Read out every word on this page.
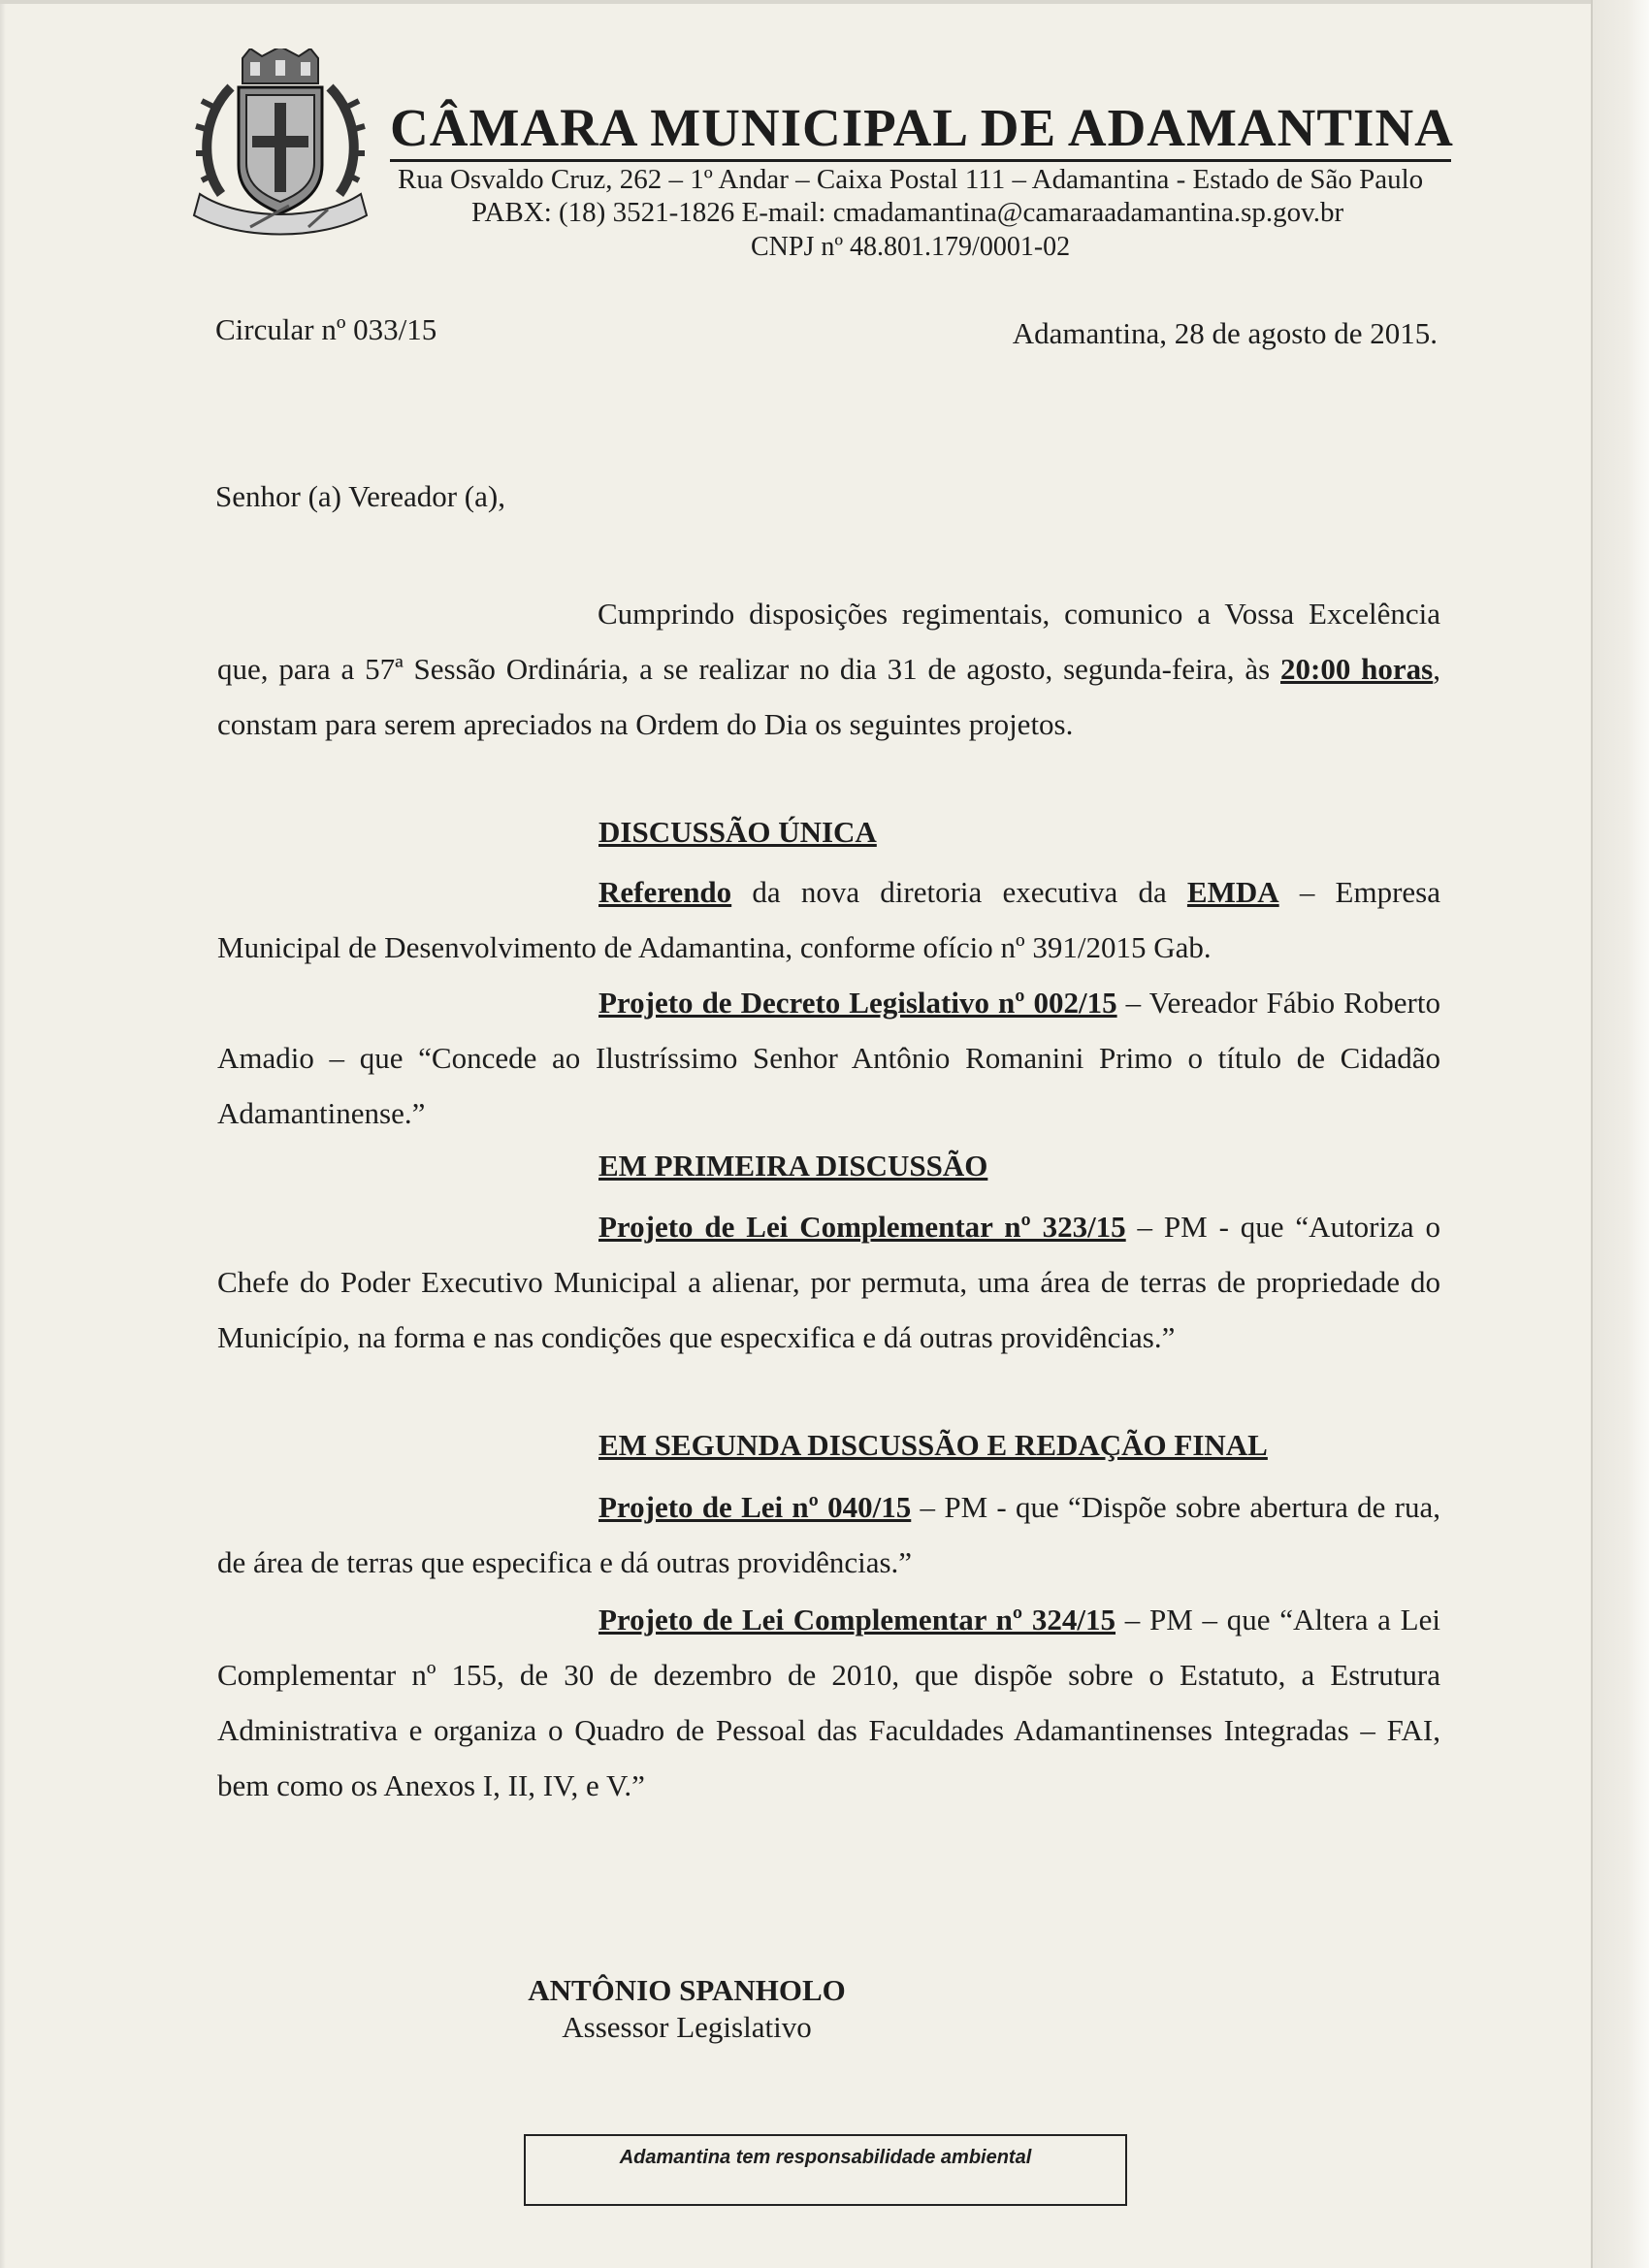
CÂMARA MUNICIPAL DE ADAMANTINA
Rua Osvaldo Cruz, 262 – 1º Andar – Caixa Postal 111 – Adamantina - Estado de São Paulo
PABX: (18) 3521-1826 E-mail: cmadamantina@camaraadamantina.sp.gov.br
CNPJ nº 48.801.179/0001-02
Circular nº 033/15	Adamantina, 28 de agosto de 2015.
Senhor (a) Vereador (a),
Cumprindo disposições regimentais, comunico a Vossa Excelência que, para a 57ª Sessão Ordinária, a se realizar no dia 31 de agosto, segunda-feira, às 20:00 horas, constam para serem apreciados na Ordem do Dia os seguintes projetos.
DISCUSSÃO ÚNICA
Referendo da nova diretoria executiva da EMDA – Empresa Municipal de Desenvolvimento de Adamantina, conforme ofício nº 391/2015 Gab.
Projeto de Decreto Legislativo nº 002/15 – Vereador Fábio Roberto Amadio – que “Concede ao Ilustríssimo Senhor Antônio Romanini Primo o título de Cidadão Adamantinense.”
EM PRIMEIRA DISCUSSÃO
Projeto de Lei Complementar nº 323/15 – PM - que “Autoriza o Chefe do Poder Executivo Municipal a alienar, por permuta, uma área de terras de propriedade do Município, na forma e nas condições que especxifica e dá outras providências.”
EM SEGUNDA DISCUSSÃO E REDAÇÃO FINAL
Projeto de Lei nº 040/15 – PM - que “Dispõe sobre abertura de rua, de área de terras que especifica e dá outras providências.”
Projeto de Lei Complementar nº 324/15 – PM – que “Altera a Lei Complementar nº 155, de 30 de dezembro de 2010, que dispõe sobre o Estatuto, a Estrutura Administrativa e organiza o Quadro de Pessoal das Faculdades Adamantinenses Integradas – FAI, bem como os Anexos I, II, IV, e V.”
ANTÔNIO SPANHOLO
Assessor Legislativo
Adamantina tem responsabilidade ambiental
